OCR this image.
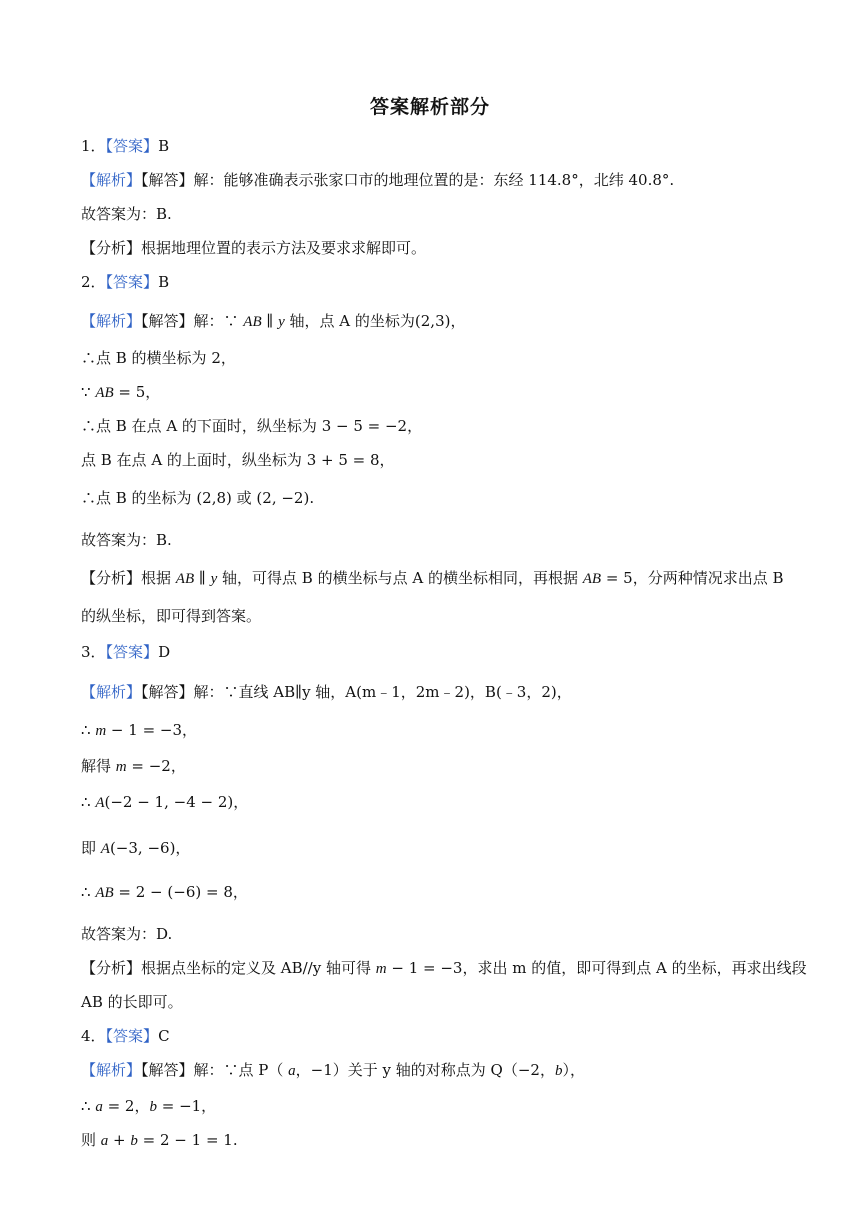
答案解析部分
1．【答案】B
【解析】【解答】解：能够准确表示张家口市的地理位置的是：东经 114.8°，北纬 40.8°.
故答案为：B.
【分析】根据地理位置的表示方法及要求求解即可。
2．【答案】B
【解析】【解答】解：∵ AB ∥ y 轴，点 A 的坐标为(2,3)，
∴点 B 的横坐标为 2，
∵ AB = 5，
∴点 B 在点 A 的下面时，纵坐标为 3 − 5 = −2，
点 B 在点 A 的上面时，纵坐标为 3 + 5 = 8，
∴点 B 的坐标为 (2,8) 或 (2, −2).
故答案为：B.
【分析】根据 AB ∥ y 轴，可得点 B 的横坐标与点 A 的横坐标相同，再根据 AB = 5，分两种情况求出点 B
的纵坐标，即可得到答案。
3．【答案】D
【解析】【解答】解：∵直线 AB∥y 轴，A(m﹣1，2m﹣2)，B(﹣3，2)，
∴ m − 1 = −3，
解得 m = −2，
∴ A(−2 − 1, −4 − 2)，
即 A(−3, −6)，
∴ AB = 2 − (−6) = 8，
故答案为：D.
【分析】根据点坐标的定义及 AB//y 轴可得 m − 1 = −3，求出 m 的值，即可得到点 A 的坐标，再求出线段
AB 的长即可。
4．【答案】C
【解析】【解答】解：∵点 P（ a，−1）关于 y 轴的对称点为 Q（−2，b），
∴ a = 2，b = −1，
则 a + b = 2 − 1 = 1.
